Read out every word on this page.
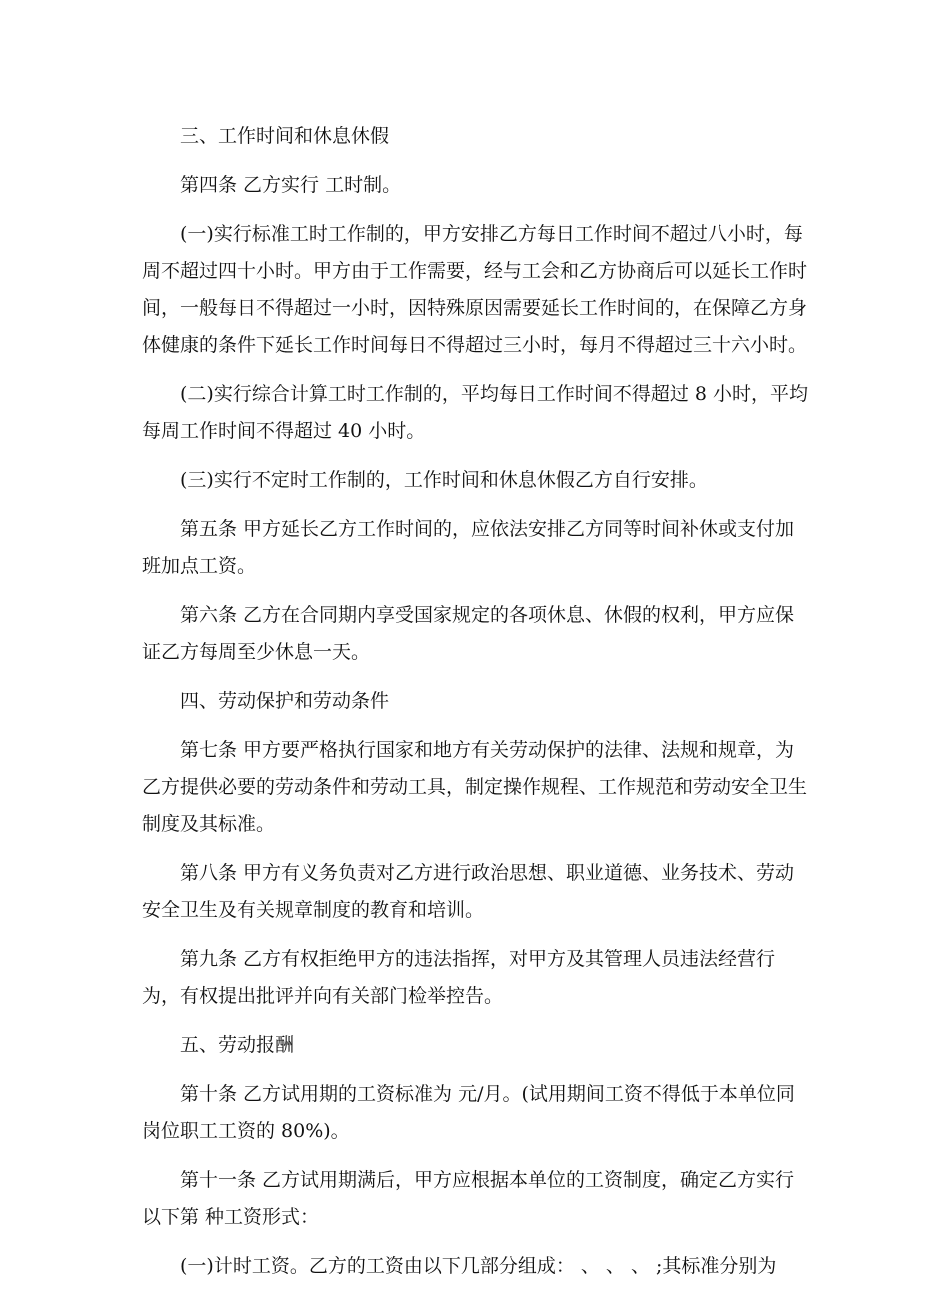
三、工作时间和休息休假

第四条 乙方实行 工时制。

(一)实行标准工时工作制的，甲方安排乙方每日工作时间不超过八小时，每周不超过四十小时。甲方由于工作需要，经与工会和乙方协商后可以延长工作时间，一般每日不得超过一小时，因特殊原因需要延长工作时间的，在保障乙方身体健康的条件下延长工作时间每日不得超过三小时，每月不得超过三十六小时。

(二)实行综合计算工时工作制的，平均每日工作时间不得超过 8 小时，平均每周工作时间不得超过 40 小时。

(三)实行不定时工作制的，工作时间和休息休假乙方自行安排。

第五条 甲方延长乙方工作时间的，应依法安排乙方同等时间补休或支付加班加点工资。

第六条 乙方在合同期内享受国家规定的各项休息、休假的权利，甲方应保证乙方每周至少休息一天。

四、劳动保护和劳动条件

第七条 甲方要严格执行国家和地方有关劳动保护的法律、法规和规章，为乙方提供必要的劳动条件和劳动工具，制定操作规程、工作规范和劳动安全卫生制度及其标准。

第八条 甲方有义务负责对乙方进行政治思想、职业道德、业务技术、劳动安全卫生及有关规章制度的教育和培训。

第九条 乙方有权拒绝甲方的违法指挥，对甲方及其管理人员违法经营行为，有权提出批评并向有关部门检举控告。

五、劳动报酬

第十条 乙方试用期的工资标准为 元/月。(试用期间工资不得低于本单位同岗位职工工资的 80%)。

第十一条 乙方试用期满后，甲方应根据本单位的工资制度，确定乙方实行以下第 种工资形式：

(一)计时工资。乙方的工资由以下几部分组成： 、 、 、 ;其标准分别为
